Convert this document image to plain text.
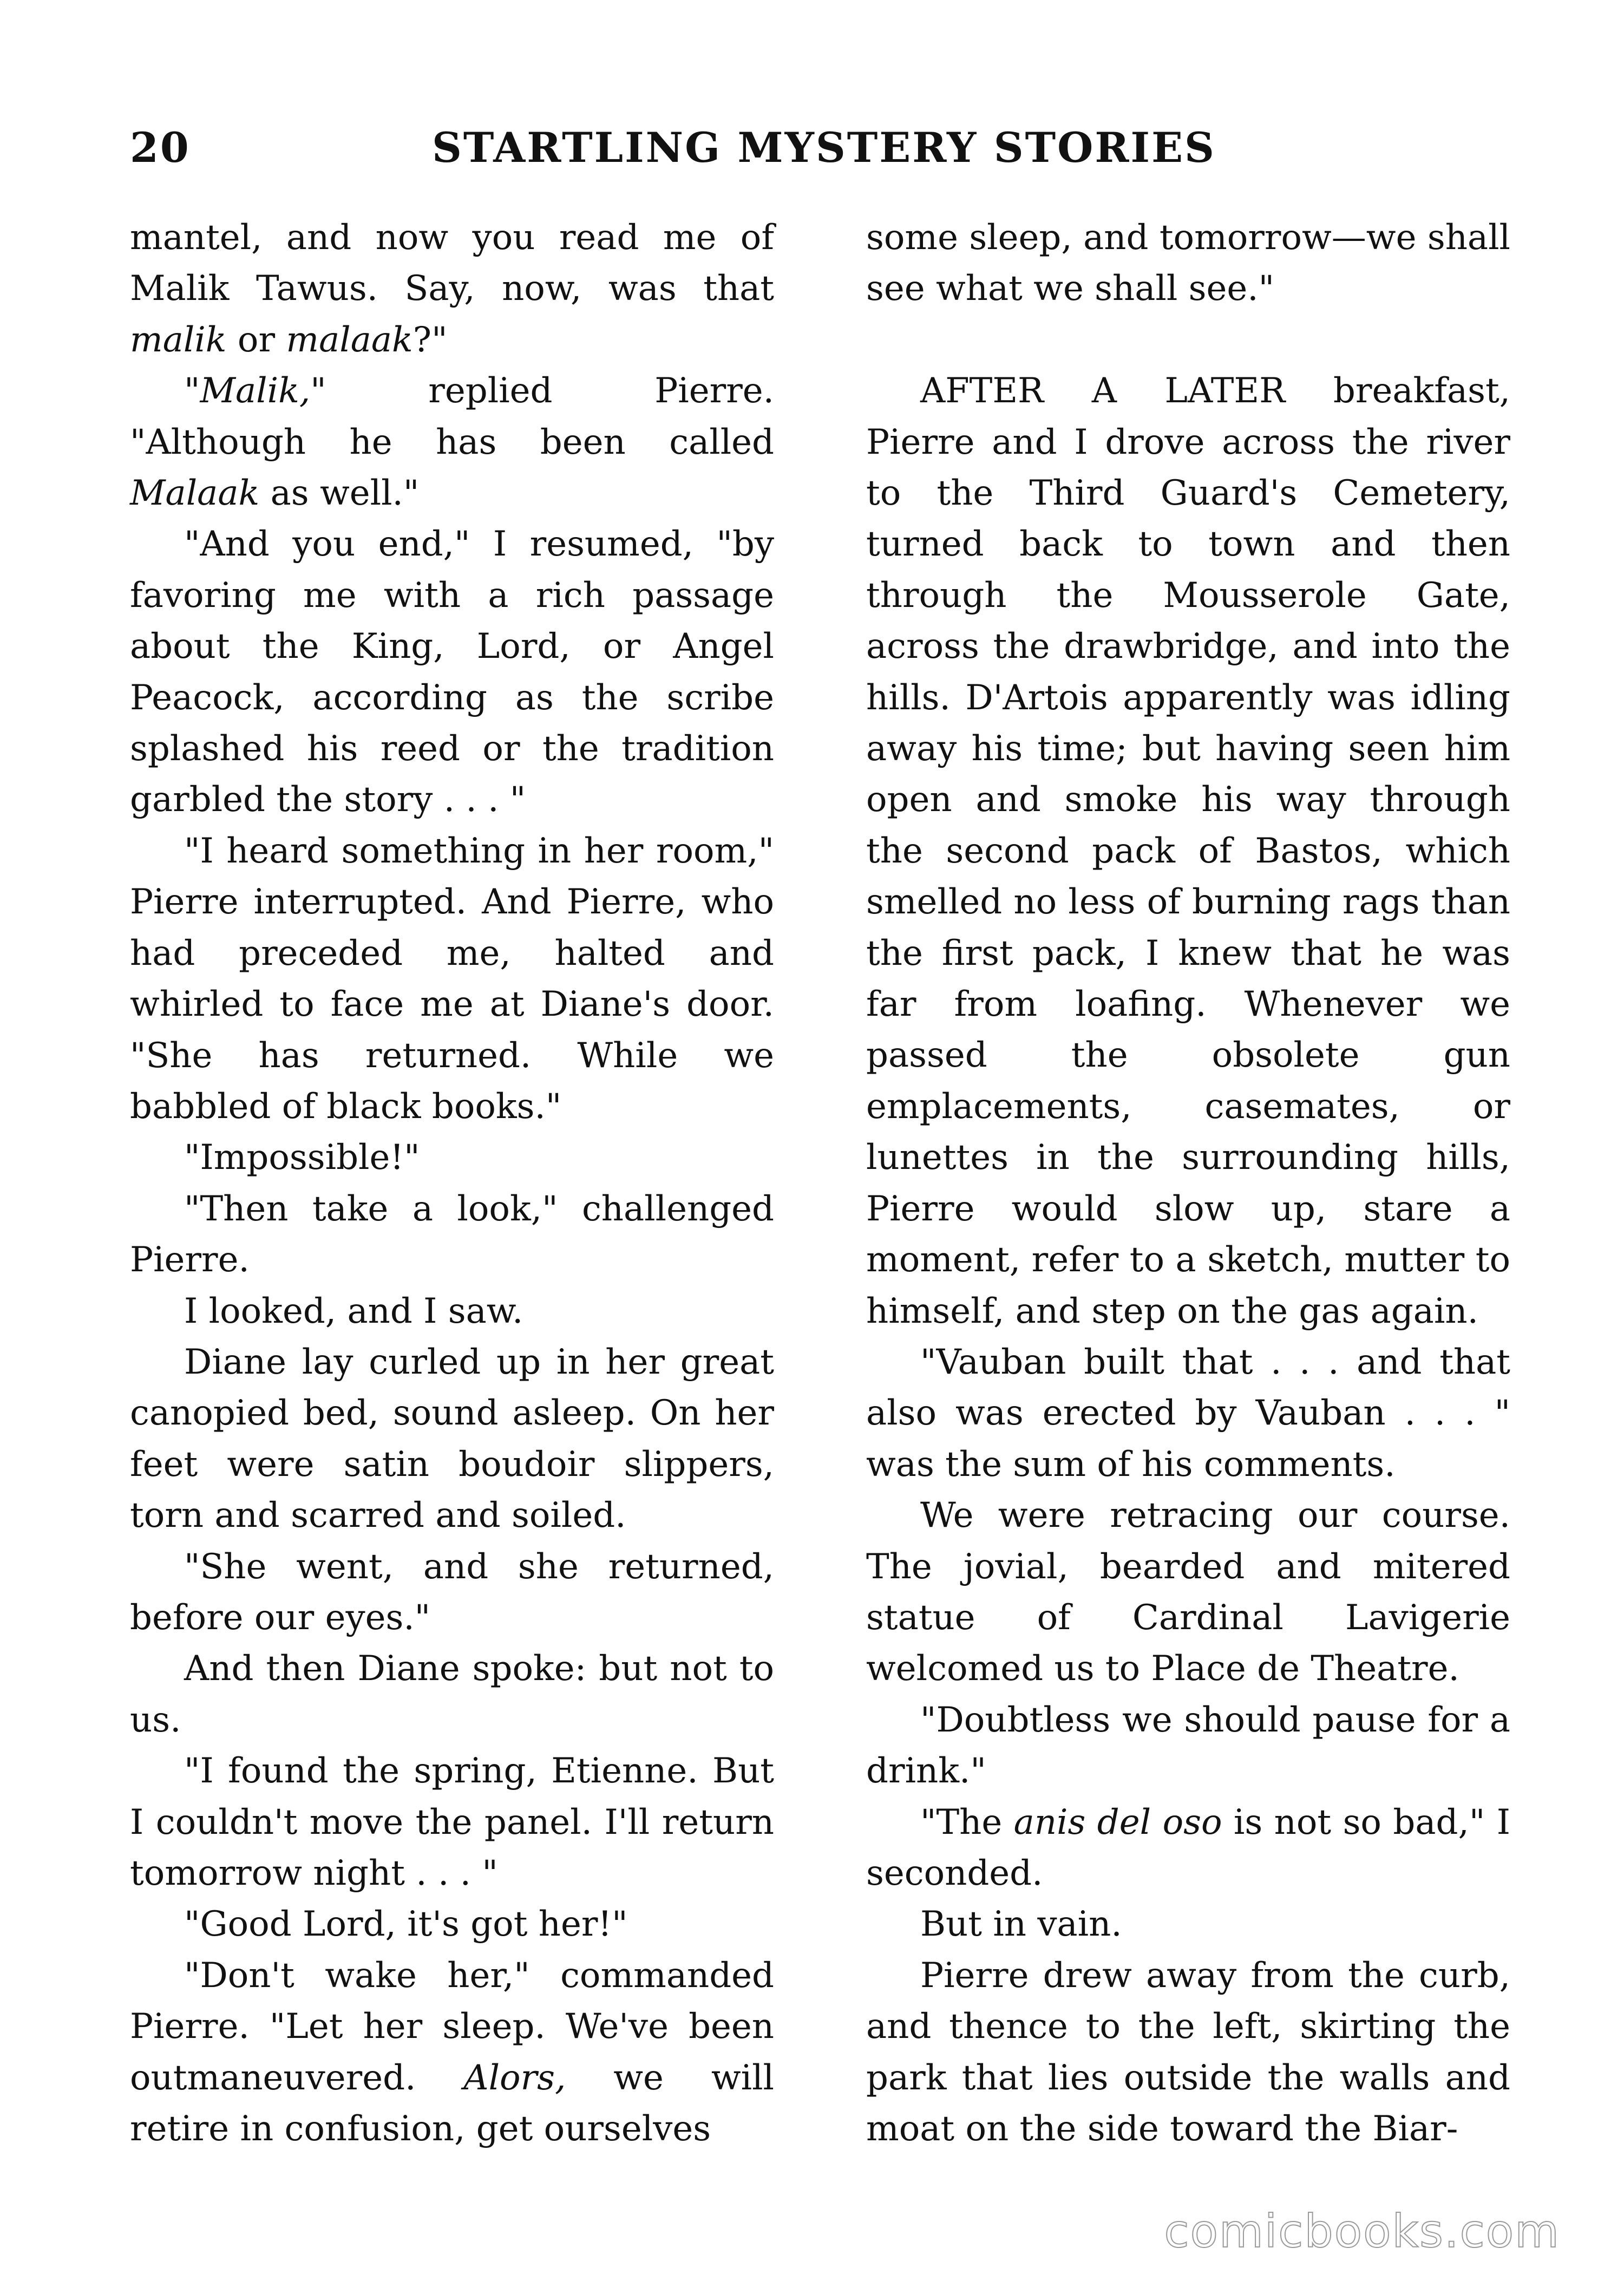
20	STARTLING MYSTERY STORIES

mantel, and now you read me of Malik Tawus. Say, now, was that malik or malaak?"

"Malik," replied Pierre. "Although he has been called Malaak as well."

"And you end," I resumed, "by favoring me with a rich passage about the King, Lord, or Angel Peacock, according as the scribe splashed his reed or the tradition garbled the story . . . "

"I heard something in her room," Pierre interrupted. And Pierre, who had preceded me, halted and whirled to face me at Diane's door. "She has returned. While we babbled of black books."

"Impossible!"

"Then take a look," challenged Pierre.

I looked, and I saw.

Diane lay curled up in her great canopied bed, sound asleep. On her feet were satin boudoir slippers, torn and scarred and soiled.

"She went, and she returned, before our eyes."

And then Diane spoke: but not to us.

"I found the spring, Etienne. But I couldn't move the panel. I'll return tomorrow night . . . "

"Good Lord, it's got her!"

"Don't wake her," commanded Pierre. "Let her sleep. We've been outmaneuvered. Alors, we will retire in confusion, get ourselves

some sleep, and tomorrow—we shall see what we shall see."

AFTER A LATER breakfast, Pierre and I drove across the river to the Third Guard's Cemetery, turned back to town and then through the Mousserole Gate, across the drawbridge, and into the hills. D'Artois apparently was idling away his time; but having seen him open and smoke his way through the second pack of Bastos, which smelled no less of burning rags than the first pack, I knew that he was far from loafing. Whenever we passed the obsolete gun emplacements, casemates, or lunettes in the surrounding hills, Pierre would slow up, stare a moment, refer to a sketch, mutter to himself, and step on the gas again.

"Vauban built that . . . and that also was erected by Vauban . . . " was the sum of his comments.

We were retracing our course. The jovial, bearded and mitered statue of Cardinal Lavigerie welcomed us to Place de Theatre.

"Doubtless we should pause for a drink."

"The anis del oso is not so bad," I seconded.

But in vain.

Pierre drew away from the curb, and thence to the left, skirting the park that lies outside the walls and moat on the side toward the Biar-

comicbooks.com
